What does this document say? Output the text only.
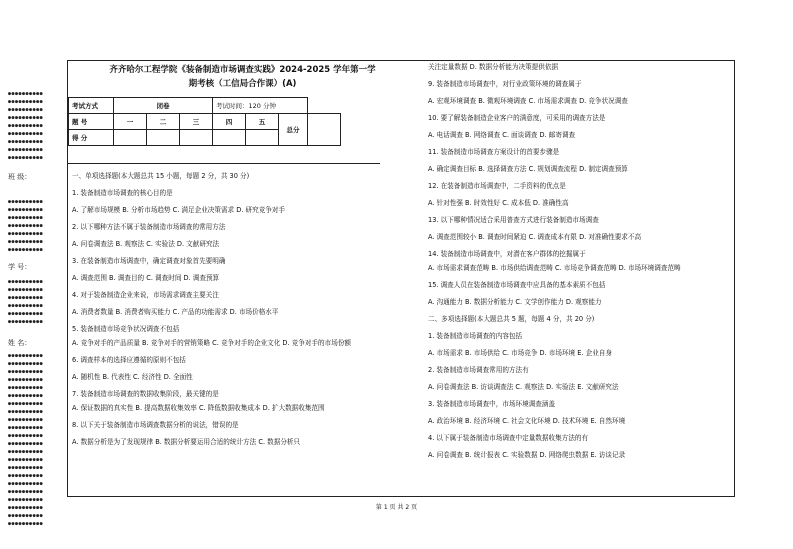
●●●●●●●●●●
●●●●●●●●●●
●●●●●●●●●●
●●●●●●●●●●
●●●●●●●●●●
●●●●●●●●●●
●●●●●●●●●●
●●●●●●●●●●
●●●●●●●●●●
班 级：
●●●●●●●●●●
●●●●●●●●●●
●●●●●●●●●●
●●●●●●●●●●
●●●●●●●●●●
●●●●●●●●●●
●●●●●●●●●●
学 号：
●●●●●●●●●●
●●●●●●●●●●
●●●●●●●●●●
●●●●●●●●●●
●●●●●●●●●●
●●●●●●●●●●
姓 名：
●●●●●●●●●●
●●●●●●●●●●
●●●●●●●●●●
●●●●●●●●●●
●●●●●●●●●●
●●●●●●●●●●
●●●●●●●●●●
●●●●●●●●●●
●●●●●●●●●●
●●●●●●●●●●
●●●●●●●●●●
●●●●●●●●●●
●●●●●●●●●●
●●●●●●●●●●
●●●●●●●●●●
●●●●●●●●●●
●●●●●●●●●●
●●●●●●●●●●
●●●●●●●●●●
●●●●●●●●●●
●●●●●●●●●●
●●●●●●●●●●
齐齐哈尔工程学院《装备制造市场调查实践》2024-2025 学年第一学
期考核（工信局合作课）(A)
考试方式	闭卷			考试时间：120 分钟			
题 号	一	二	三	四	五	总分	
得 分							
一、单项选择题(本大题总共 15 小题，每题 2 分，共 30 分)
1. 装备制造市场调查的核心目的是
A. 了解市场规模 B. 分析市场趋势 C. 满足企业决策需求 D. 研究竞争对手
2. 以下哪种方法不属于装备制造市场调查的常用方法
A. 问卷调查法 B. 观察法 C. 实验法 D. 文献研究法
3. 在装备制造市场调查中，确定调查对象首先要明确
A. 调查范围 B. 调查目的 C. 调查时间 D. 调查预算
4. 对于装备制造企业来说，市场需求调查主要关注
A. 消费者数量 B. 消费者购买能力 C. 产品的功能需求 D. 市场价格水平
5. 装备制造市场竞争状况调查不包括
A. 竞争对手的产品质量 B. 竞争对手的营销策略 C. 竞争对手的企业文化 D. 竞争对手的市场份额
6. 调查样本的选择应遵循的原则不包括
A. 随机性 B. 代表性 C. 经济性 D. 全面性
7. 装备制造市场调查的数据收集阶段，最关键的是
A. 保证数据的真实性 B. 提高数据收集效率 C. 降低数据收集成本 D. 扩大数据收集范围
8. 以下关于装备制造市场调查数据分析的说法，错误的是
A. 数据分析是为了发现规律 B. 数据分析要运用合适的统计方法 C. 数据分析只
关注定量数据 D. 数据分析能为决策提供依据
9. 装备制造市场调查中，对行业政策环境的调查属于
A. 宏观环境调查 B. 微观环境调查 C. 市场需求调查 D. 竞争状况调查
10. 要了解装备制造企业客户的满意度，可采用的调查方法是
A. 电话调查 B. 网络调查 C. 面谈调查 D. 邮寄调查
11. 装备制造市场调查方案设计的首要步骤是
A. 确定调查目标 B. 选择调查方法 C. 规划调查流程 D. 制定调查预算
12. 在装备制造市场调查中，二手资料的优点是
A. 针对性强 B. 时效性好 C. 成本低 D. 准确性高
13. 以下哪种情况适合采用普查方式进行装备制造市场调查
A. 调查范围较小 B. 调查时间紧迫 C. 调查成本有限 D. 对准确性要求不高
14. 装备制造市场调查中，对潜在客户群体的挖掘属于
A. 市场需求调查范畴 B. 市场供给调查范畴 C. 市场竞争调查范畴 D. 市场环境调查范畴
15. 调查人员在装备制造市场调查中应具备的基本素质不包括
A. 沟通能力 B. 数据分析能力 C. 文学创作能力 D. 观察能力
二、多项选择题(本大题总共 5 题，每题 4 分，共 20 分)
1. 装备制造市场调查的内容包括
A. 市场需求 B. 市场供给 C. 市场竞争 D. 市场环境 E. 企业自身
2. 装备制造市场调查常用的方法有
A. 问卷调查法 B. 访谈调查法 C. 观察法 D. 实验法 E. 文献研究法
3. 装备制造市场调查中，市场环境调查涵盖
A. 政治环境 B. 经济环境 C. 社会文化环境 D. 技术环境 E. 自然环境
4. 以下属于装备制造市场调查中定量数据收集方法的有
A. 问卷调查 B. 统计报表 C. 实验数据 D. 网络爬虫数据 E. 访谈记录
第 1 页 共 2 页
